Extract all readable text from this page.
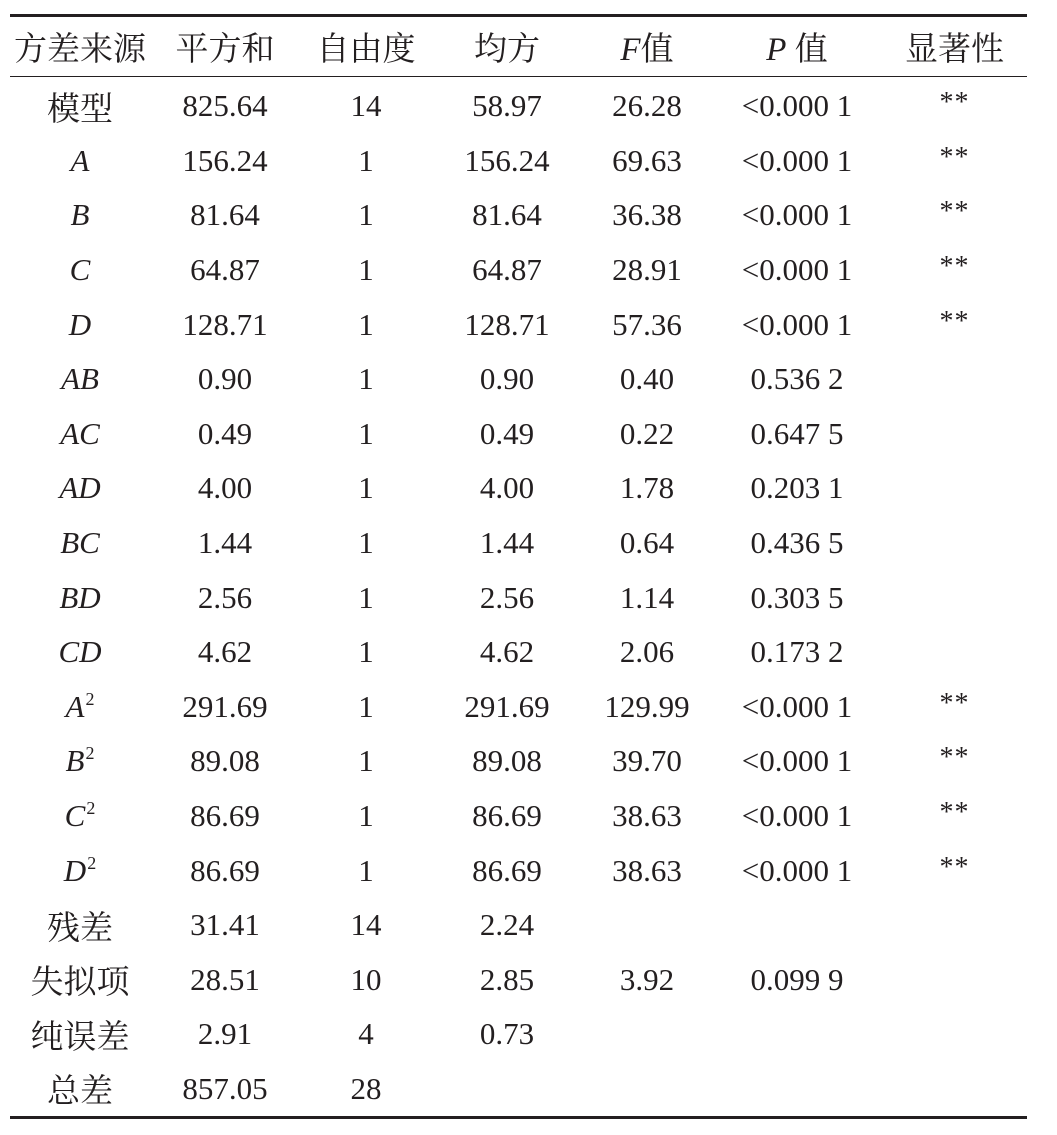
方差来源	平方和	自由度	均方	F值	P 值	显著性
模型	825.64	14	58.97	26.28	<0.000 1	**
A	156.24	1	156.24	69.63	<0.000 1	**
B	81.64	1	81.64	36.38	<0.000 1	**
C	64.87	1	64.87	28.91	<0.000 1	**
D	128.71	1	128.71	57.36	<0.000 1	**
AB	0.90	1	0.90	0.40	0.536 2	
AC	0.49	1	0.49	0.22	0.647 5	
AD	4.00	1	4.00	1.78	0.203 1	
BC	1.44	1	1.44	0.64	0.436 5	
BD	2.56	1	2.56	1.14	0.303 5	
CD	4.62	1	4.62	2.06	0.173 2	
$A^2$	291.69	1	291.69	129.99	<0.000 1	**
$B^2$	89.08	1	89.08	39.70	<0.000 1	**
$C^2$	86.69	1	86.69	38.63	<0.000 1	**
$D^2$	86.69	1	86.69	38.63	<0.000 1	**
残差	31.41	14	2.24			
失拟项	28.51	10	2.85	3.92	0.099 9	
纯误差	2.91	4	0.73			
总差	857.05	28				
